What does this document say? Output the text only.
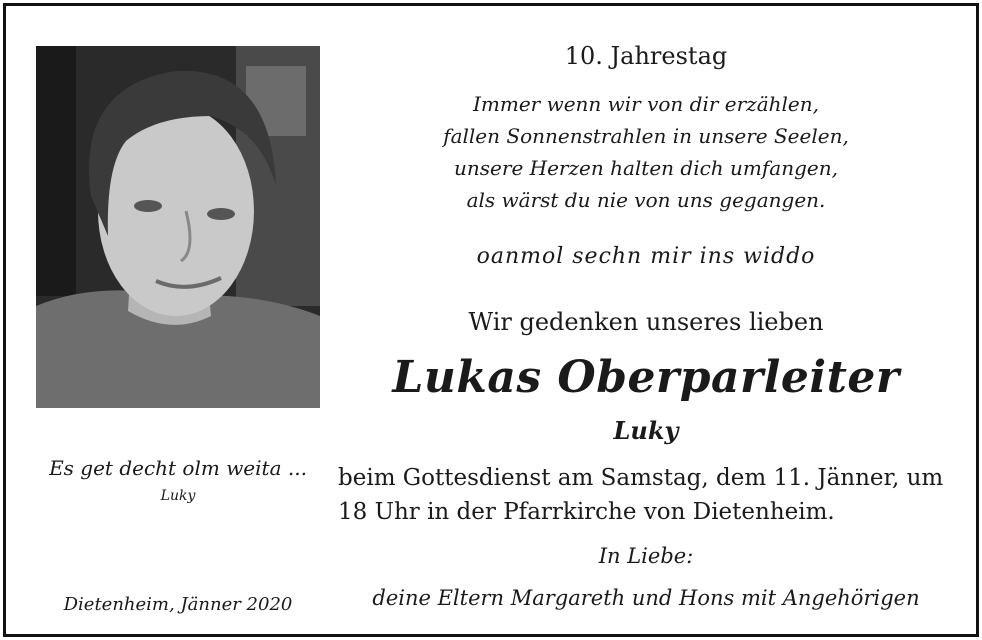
Es get decht olm weita ...
Luky
Dietenheim, Jänner 2020
10. Jahrestag
Immer wenn wir von dir erzählen,
fallen Sonnenstrahlen in unsere Seelen,
unsere Herzen halten dich umfangen,
als wärst du nie von uns gegangen.
oanmol sechn mir ins widdo
Wir gedenken unseres lieben
Lukas Oberparleiter
Luky
beim Gottesdienst am Samstag, dem 11. Jänner, um 18 Uhr in der Pfarrkirche von Dietenheim.
In Liebe:
deine Eltern Margareth und Hons mit Angehörigen
